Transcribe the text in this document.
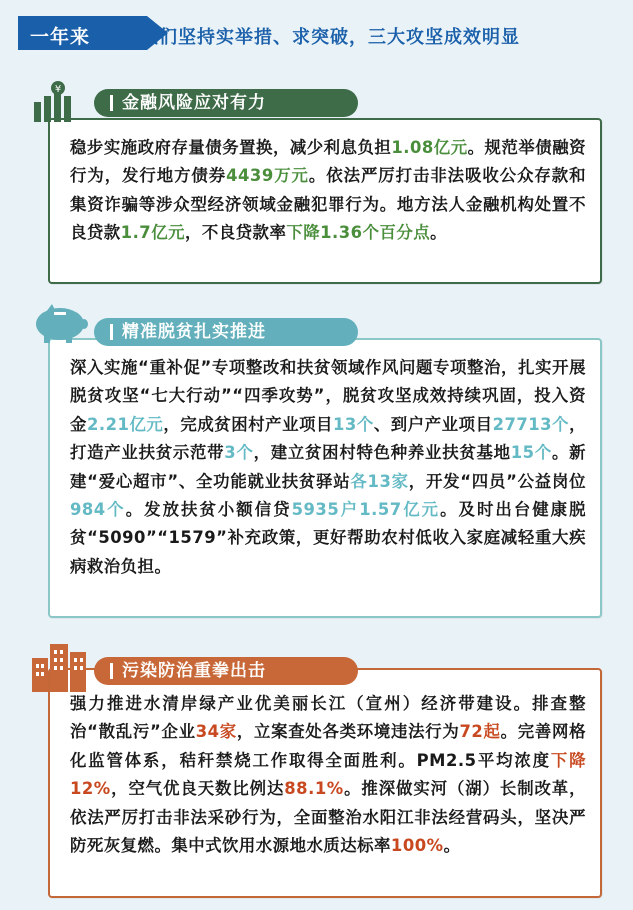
一年来	我们坚持实举措、求突破，三大攻坚成效明显
稳步实施政府存量债务置换，减少利息负担1.08亿元。规范举债融资行为，发行地方债券4439万元。依法严厉打击非法吸收公众存款和集资诈骗等涉众型经济领域金融犯罪行为。地方法人金融机构处置不良贷款1.7亿元，不良贷款率下降1.36个百分点。
金融风险应对有力
¥
深入实施“重补促”专项整改和扶贫领域作风问题专项整治，扎实开展脱贫攻坚“七大行动”“四季攻势”，脱贫攻坚成效持续巩固，投入资金2.21亿元，完成贫困村产业项目13个、到户产业项目27713个，打造产业扶贫示范带3个，建立贫困村特色种养业扶贫基地15个。新建“爱心超市”、全功能就业扶贫驿站各13家，开发“四员”公益岗位984个。发放扶贫小额信贷5935户1.57亿元。及时出台健康脱贫“5090”“1579”补充政策，更好帮助农村低收入家庭减轻重大疾病救治负担。
精准脱贫扎实推进
强力推进水清岸绿产业优美丽长江（宣州）经济带建设。排查整治“散乱污”企业34家，立案查处各类环境违法行为72起。完善网格化监管体系，秸秆禁烧工作取得全面胜利。PM2.5平均浓度下降12%，空气优良天数比例达88.1%。推深做实河（湖）长制改革，依法严厉打击非法采砂行为，全面整治水阳江非法经营码头，坚决严防死灰复燃。集中式饮用水源地水质达标率100%。
污染防治重拳出击
